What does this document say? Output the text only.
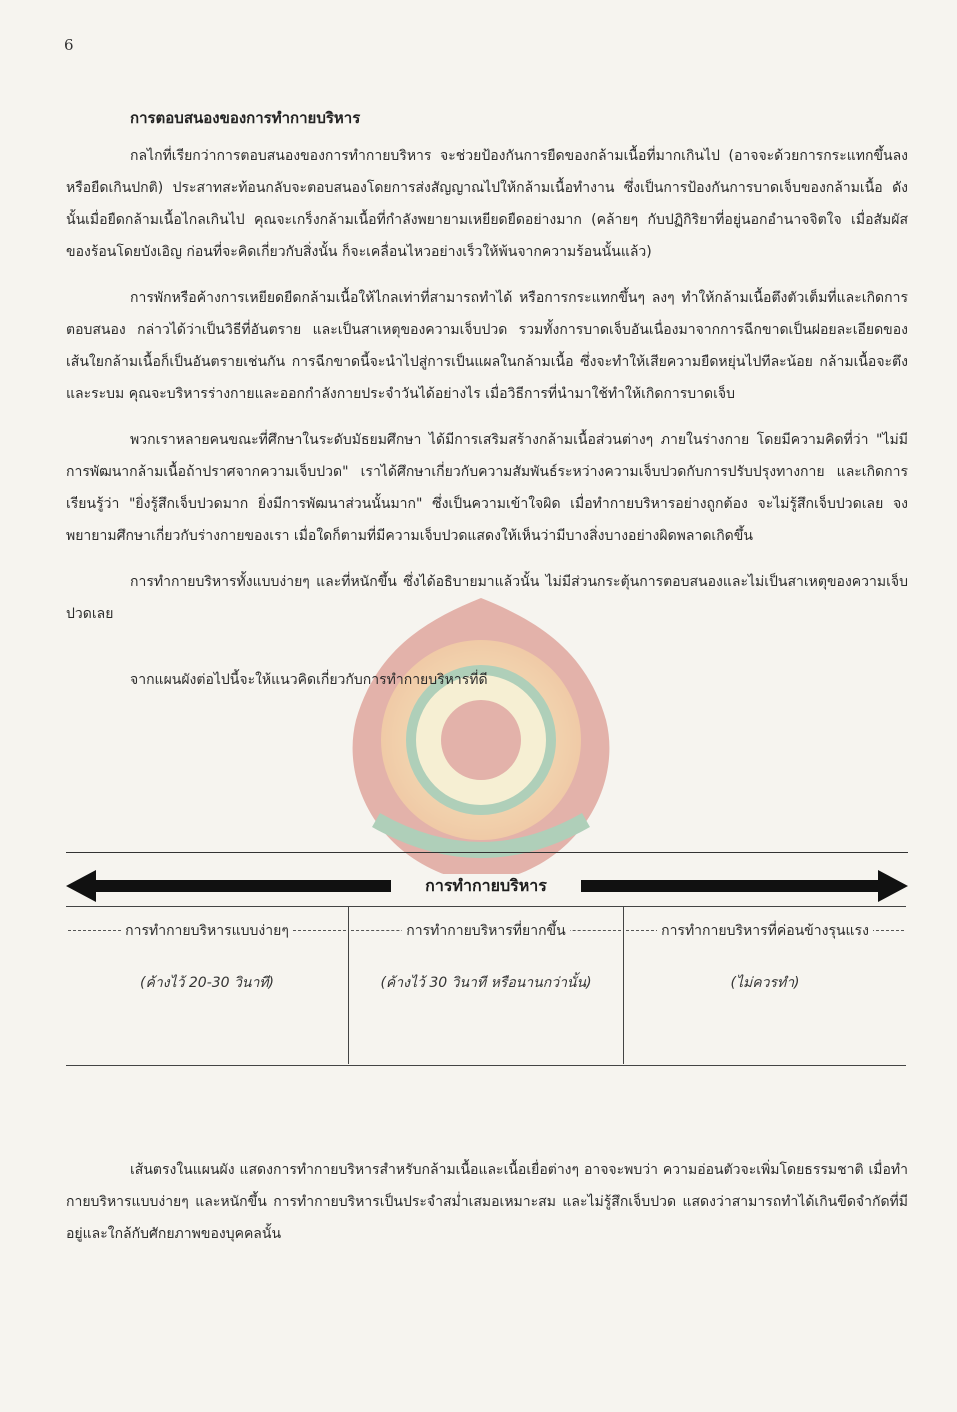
6
การตอบสนองของการทำกายบริหาร

กลไกที่เรียกว่าการตอบสนองของการทำกายบริหาร จะช่วยป้องกันการยืดของกล้ามเนื้อที่มากเกินไป (อาจจะด้วยการกระแทกขึ้นลงหรือยืดเกินปกติ) ประสาทสะท้อนกลับจะตอบสนองโดยการส่งสัญญาณไปให้กล้ามเนื้อทำงาน ซึ่งเป็นการป้องกันการบาดเจ็บของกล้ามเนื้อ ดังนั้นเมื่อยืดกล้ามเนื้อไกลเกินไป คุณจะเกร็งกล้ามเนื้อที่กำลังพยายามเหยียดยืดอย่างมาก (คล้ายๆ กับปฏิกิริยาที่อยู่นอกอำนาจจิตใจ เมื่อสัมผัสของร้อนโดยบังเอิญ ก่อนที่จะคิดเกี่ยวกับสิ่งนั้น ก็จะเคลื่อนไหวอย่างเร็วให้พ้นจากความร้อนนั้นแล้ว)

การพักหรือค้างการเหยียดยืดกล้ามเนื้อให้ไกลเท่าที่สามารถทำได้ หรือการกระแทกขึ้นๆ ลงๆ ทำให้กล้ามเนื้อตึงตัวเต็มที่และเกิดการตอบสนอง กล่าวได้ว่าเป็นวิธีที่อันตราย และเป็นสาเหตุของความเจ็บปวด รวมทั้งการบาดเจ็บอันเนื่องมาจากการฉีกขาดเป็นฝอยละเอียดของเส้นใยกล้ามเนื้อก็เป็นอันตรายเช่นกัน การฉีกขาดนี้จะนำไปสู่การเป็นแผลในกล้ามเนื้อ ซึ่งจะทำให้เสียความยืดหยุ่นไปทีละน้อย กล้ามเนื้อจะตึงและระบม คุณจะบริหารร่างกายและออกกำลังกายประจำวันได้อย่างไร เมื่อวิธีการที่นำมาใช้ทำให้เกิดการบาดเจ็บ

พวกเราหลายคนขณะที่ศึกษาในระดับมัธยมศึกษา ได้มีการเสริมสร้างกล้ามเนื้อส่วนต่างๆ ภายในร่างกาย โดยมีความคิดที่ว่า "ไม่มีการพัฒนากล้ามเนื้อถ้าปราศจากความเจ็บปวด" เราได้ศึกษาเกี่ยวกับความสัมพันธ์ระหว่างความเจ็บปวดกับการปรับปรุงทางกาย และเกิดการเรียนรู้ว่า "ยิ่งรู้สึกเจ็บปวดมาก ยิ่งมีการพัฒนาส่วนนั้นมาก" ซึ่งเป็นความเข้าใจผิด เมื่อทำกายบริหารอย่างถูกต้อง จะไม่รู้สึกเจ็บปวดเลย จงพยายามศึกษาเกี่ยวกับร่างกายของเรา เมื่อใดก็ตามที่มีความเจ็บปวดแสดงให้เห็นว่ามีบางสิ่งบางอย่างผิดพลาดเกิดขึ้น

การทำกายบริหารทั้งแบบง่ายๆ และที่หนักขึ้น ซึ่งได้อธิบายมาแล้วนั้น ไม่มีส่วนกระตุ้นการตอบสนองและไม่เป็นสาเหตุของความเจ็บปวดเลย

จากแผนผังต่อไปนี้จะให้แนวคิดเกี่ยวกับการทำกายบริหารที่ดี

การทำกายบริหาร
การทำกายบริหารแบบง่ายๆ
(ค้างไว้ 20-30 วินาที)
การทำกายบริหารที่ยากขึ้น
(ค้างไว้ 30 วินาที หรือนานกว่านั้น)
การทำกายบริหารที่ค่อนข้างรุนแรง
(ไม่ควรทำ)

เส้นตรงในแผนผัง แสดงการทำกายบริหารสำหรับกล้ามเนื้อและเนื้อเยื่อต่างๆ อาจจะพบว่า ความอ่อนตัวจะเพิ่มโดยธรรมชาติ เมื่อทำกายบริหารแบบง่ายๆ และหนักขึ้น การทำกายบริหารเป็นประจำสม่ำเสมอเหมาะสม และไม่รู้สึกเจ็บปวด แสดงว่าสามารถทำได้เกินขีดจำกัดที่มีอยู่และใกล้กับศักยภาพของบุคคลนั้น
